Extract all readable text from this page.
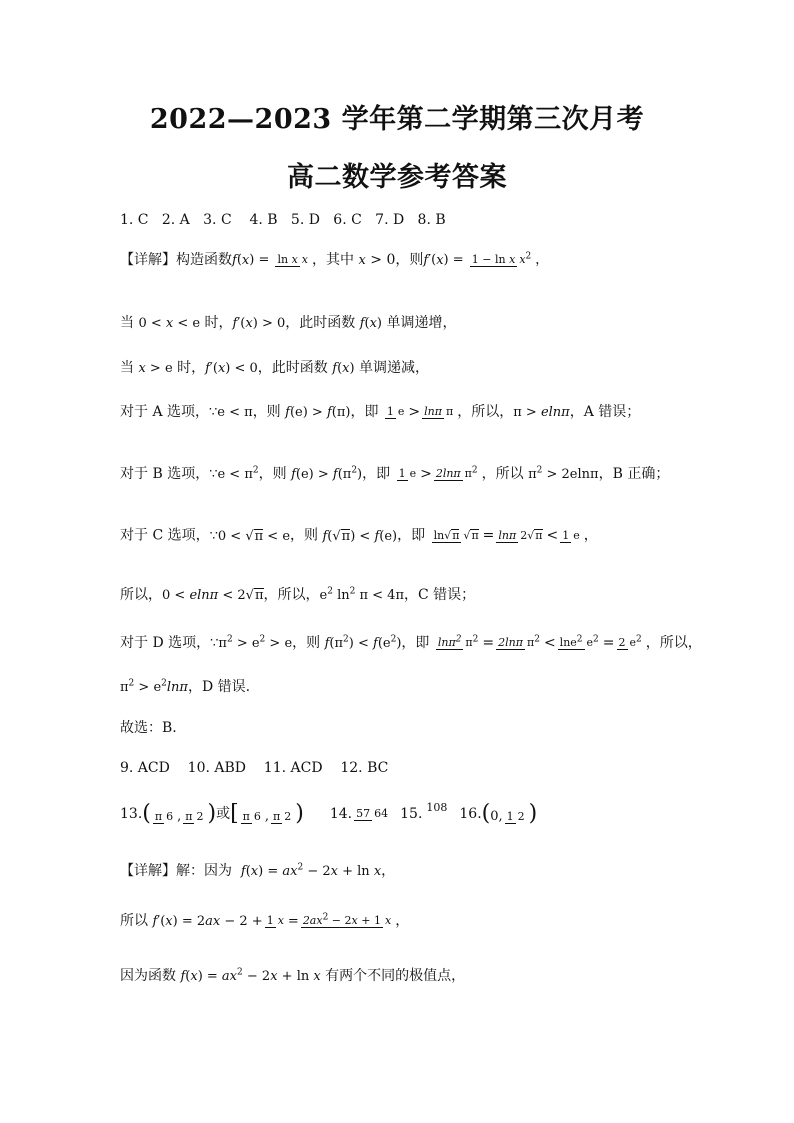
2022—2023 学年第二学期第三次月考
高二数学参考答案
1. C   2. A   3. C    4. B   5. D   6. C   7. D   8. B
【详解】 构造函数 f(x) = ln x x ，其中 x > 0，则 f′(x) = 1 − ln x $x^2$ ，
当 0 < x < e 时，f′(x) > 0，此时函数 f(x) 单调递增，
当 x > e 时，f′(x) < 0，此时函数 f(x) 单调递减，
对于 A 选项，∵e < π，则 f(e) > f(π)，即 1 e > lnπ π ，所以，π > elnπ，A 错误；
对于 B 选项，∵e < $\pi^2$，则 $f(e) > f(\pi^2)$，即 1 e > 2lnπ $\pi^2$ ，所以 $\pi^2 > 2eln\pi$，B 正确；
对于 C 选项，∵0 < √π < e，则 f( √ π) < f(e)，即 ln √ π √ π = lnπ 2 √ π < 1 e ，
所以，0 < elnπ < 2 √ π，所以，$e^2$ $\ln^2 \pi < 4\pi$，C 错误；
对于 D 选项，$\because\pi^2 > e^2 > e$，则 $f(\pi^2) < f(e^2)$，即 lnπ$^2$ $\pi^2 = 2\ln\pi$ $\pi^2 < \ln e^2$ $e^2 = 2$ $e^2$ ，所以，
$\pi^2 > e^2\ln\pi$，D 错误.
故选：B.
9. ACD    10. ABD    11. ACD    12. BC
13. ( π 6 , π 2 ) 或 [ π 6 , π 2 ) 14. 57 64 15. 108 16. (0, 1 2 )
【详解】 解：因为  $f(x) = ax^2 - 2x + \ln x$，
所以 f′(x) = 2ax − 2 +1 $x = 2ax^2 - 2x + 1$ x ，
因为函数 $f(x) = ax^2 - 2x + \ln x$ 有两个不同的极值点，
